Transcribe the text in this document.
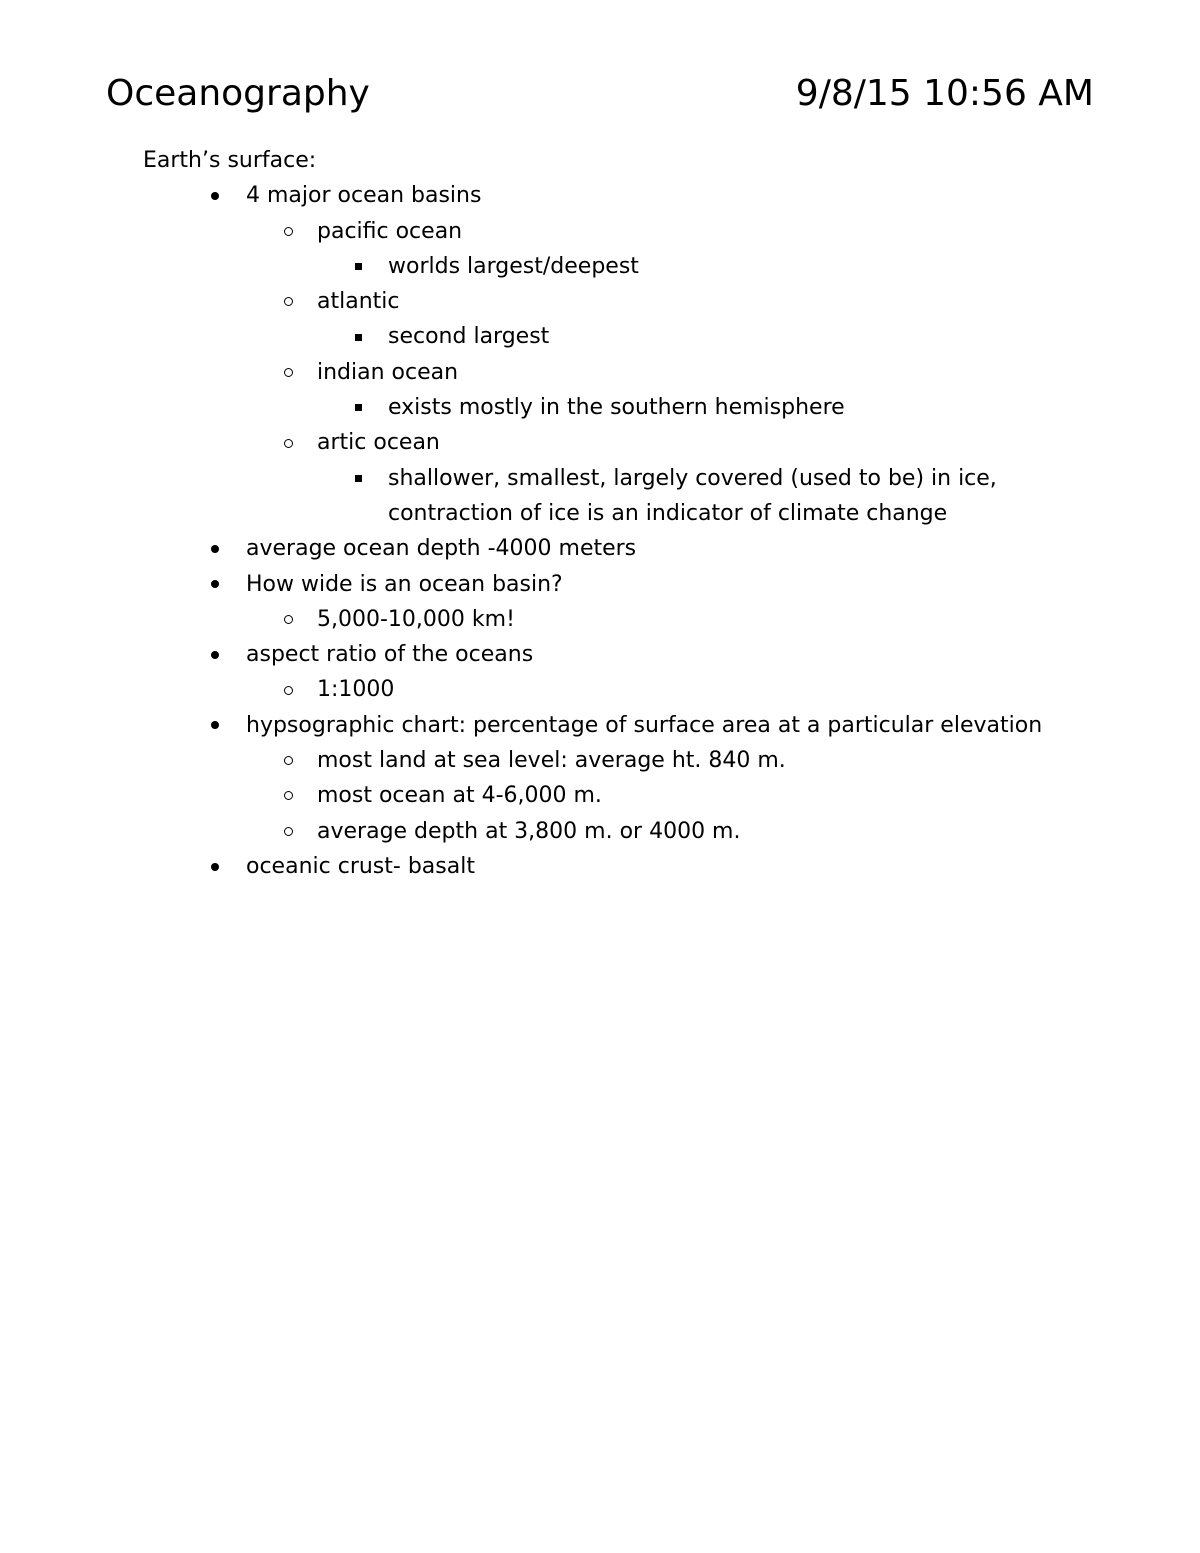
Oceanography	9/8/15 10:56 AM
Earth’s surface:
4 major ocean basins
pacific ocean
worlds largest/deepest
atlantic
second largest
indian ocean
exists mostly in the southern hemisphere
artic ocean
shallower, smallest, largely covered (used to be) in ice, contraction of ice is an indicator of climate change
average ocean depth -4000 meters
How wide is an ocean basin?
5,000-10,000 km!
aspect ratio of the oceans
1:1000
hypsographic chart: percentage of surface area at a particular elevation
most land at sea level: average ht. 840 m.
most ocean at 4-6,000 m.
average depth at 3,800 m. or 4000 m.
oceanic crust- basalt
